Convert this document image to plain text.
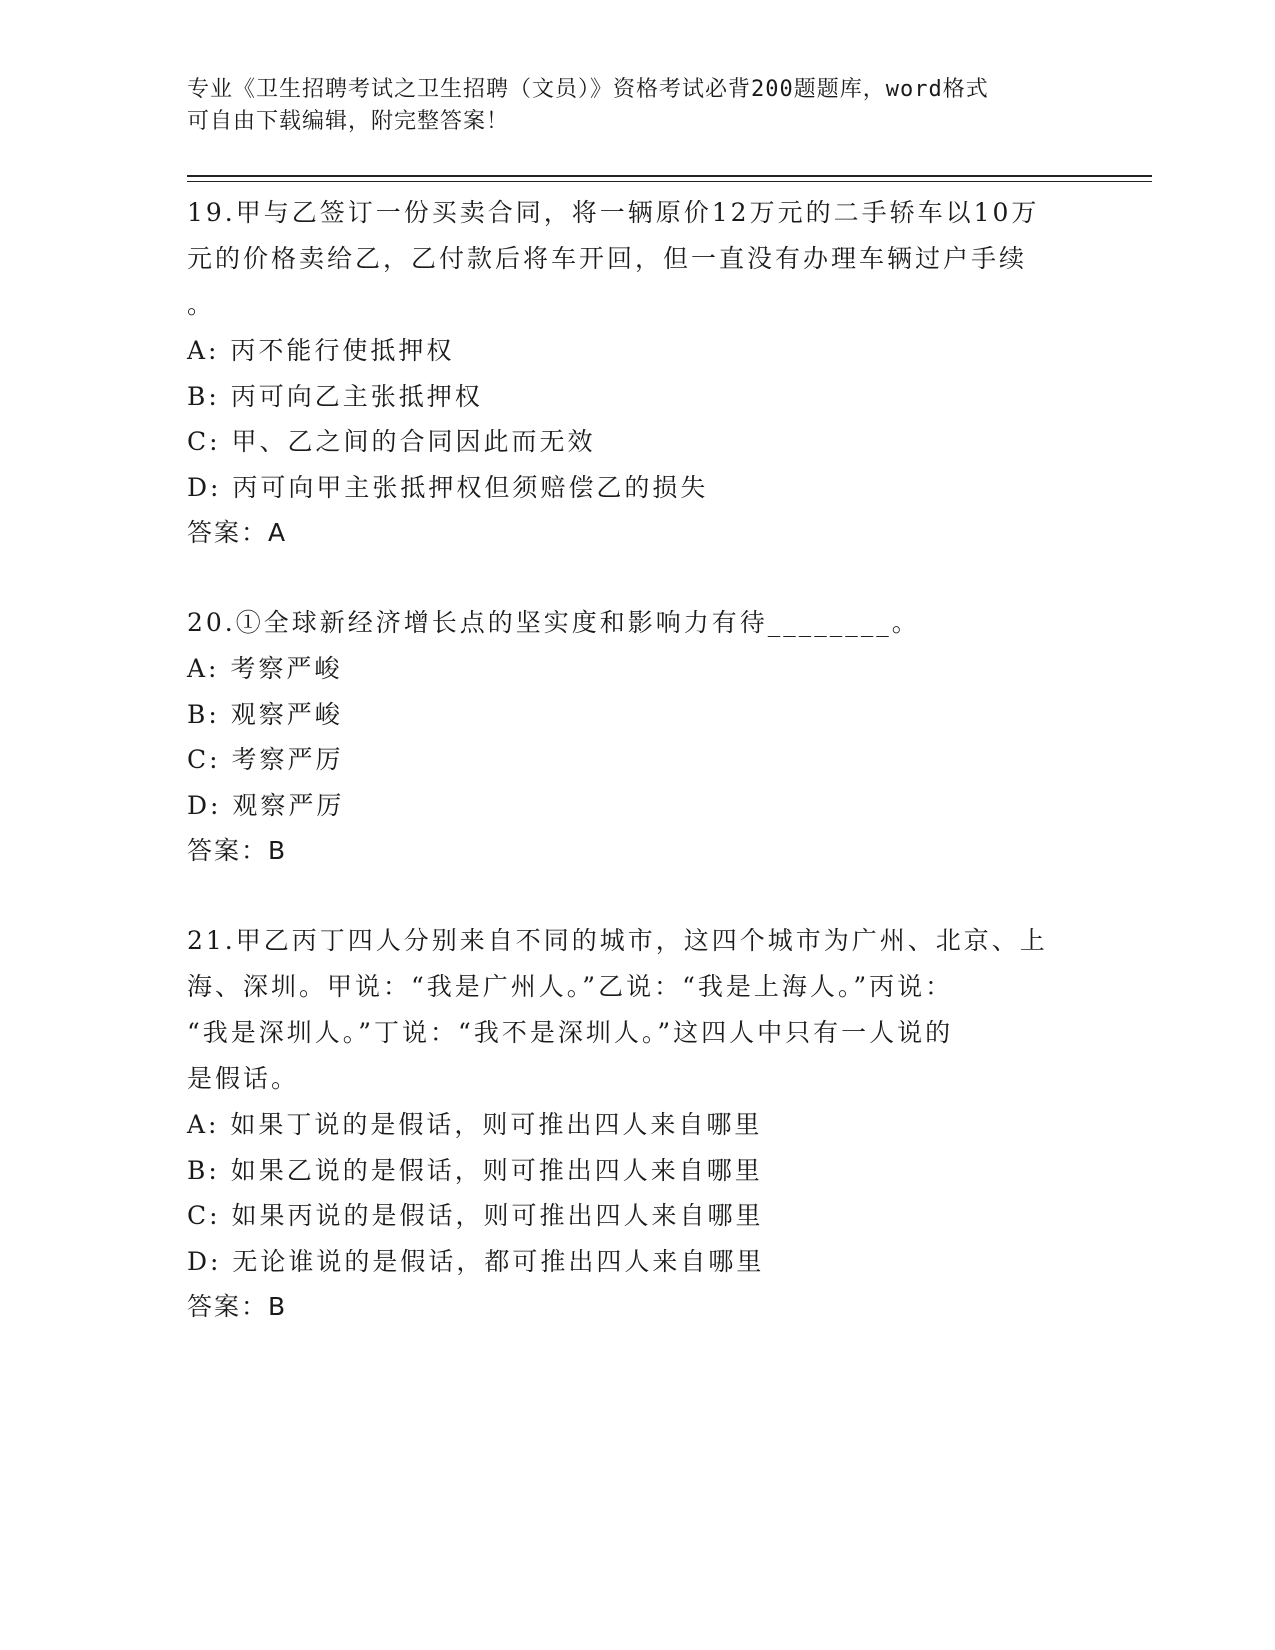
专业《卫生招聘考试之卫生招聘（文员）》资格考试必背200题题库，word格式
可自由下载编辑，附完整答案！

19.甲与乙签订一份买卖合同，将一辆原价12万元的二手轿车以10万

元的价格卖给乙，乙付款后将车开回，但一直没有办理车辆过户手续

。

A: 丙不能行使抵押权

B: 丙可向乙主张抵押权

C: 甲、乙之间的合同因此而无效

D: 丙可向甲主张抵押权但须赔偿乙的损失

答案：A

20.①全球新经济增长点的坚实度和影响力有待________。

A: 考察严峻

B: 观察严峻

C: 考察严厉

D: 观察严厉

答案：B

21.甲乙丙丁四人分别来自不同的城市，这四个城市为广州、北京、上

海、深圳。甲说：“我是广州人。”乙说：“我是上海人。”丙说：

“我是深圳人。”丁说：“我不是深圳人。”这四人中只有一人说的

是假话。

A: 如果丁说的是假话，则可推出四人来自哪里

B: 如果乙说的是假话，则可推出四人来自哪里

C: 如果丙说的是假话，则可推出四人来自哪里

D: 无论谁说的是假话，都可推出四人来自哪里

答案：B
